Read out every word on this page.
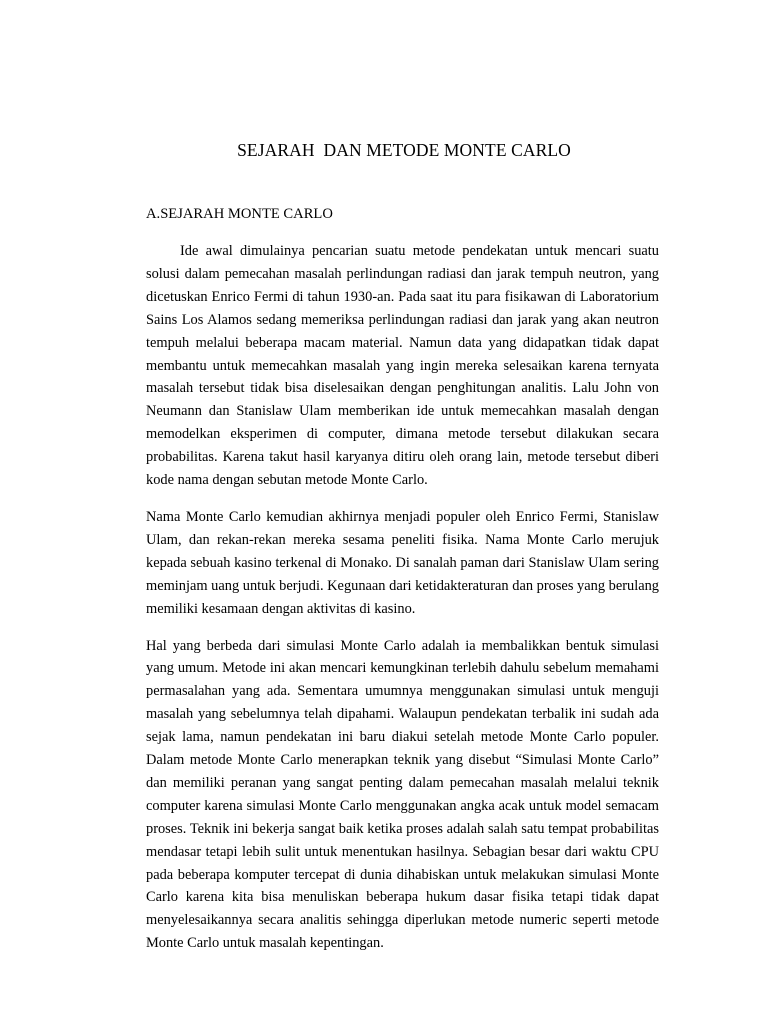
SEJARAH  DAN METODE MONTE CARLO
A.SEJARAH MONTE CARLO

Ide awal dimulainya pencarian suatu metode pendekatan untuk mencari suatu solusi dalam pemecahan masalah perlindungan radiasi dan jarak tempuh neutron, yang dicetuskan Enrico Fermi di tahun 1930-an. Pada saat itu para fisikawan di Laboratorium Sains Los Alamos sedang memeriksa perlindungan radiasi dan jarak yang akan neutron tempuh melalui beberapa macam material. Namun data yang didapatkan tidak dapat membantu untuk memecahkan masalah yang ingin mereka selesaikan karena ternyata masalah tersebut tidak bisa diselesaikan dengan penghitungan analitis. Lalu John von Neumann dan Stanislaw Ulam memberikan ide untuk memecahkan masalah dengan memodelkan eksperimen di computer, dimana metode tersebut dilakukan secara probabilitas. Karena takut hasil karyanya ditiru oleh orang lain, metode tersebut diberi kode nama dengan sebutan metode Monte Carlo.

Nama Monte Carlo kemudian akhirnya menjadi populer oleh Enrico Fermi, Stanislaw Ulam, dan rekan-rekan mereka sesama peneliti fisika. Nama Monte Carlo merujuk kepada sebuah kasino terkenal di Monako. Di sanalah paman dari Stanislaw Ulam sering meminjam uang untuk berjudi. Kegunaan dari ketidakteraturan dan proses yang berulang memiliki kesamaan dengan aktivitas di kasino.

Hal yang berbeda dari simulasi Monte Carlo adalah ia membalikkan bentuk simulasi yang umum. Metode ini akan mencari kemungkinan terlebih dahulu sebelum memahami permasalahan yang ada. Sementara umumnya menggunakan simulasi untuk menguji masalah yang sebelumnya telah dipahami. Walaupun pendekatan terbalik ini sudah ada sejak lama, namun pendekatan ini baru diakui setelah metode Monte Carlo populer. Dalam metode Monte Carlo menerapkan teknik yang disebut “Simulasi Monte Carlo” dan memiliki peranan yang sangat penting dalam pemecahan masalah melalui teknik computer karena simulasi Monte Carlo menggunakan angka acak untuk model semacam proses. Teknik ini bekerja sangat baik ketika proses adalah salah satu tempat probabilitas mendasar tetapi lebih sulit untuk menentukan hasilnya. Sebagian besar dari waktu CPU pada beberapa komputer tercepat di dunia dihabiskan untuk melakukan simulasi Monte Carlo karena kita bisa menuliskan beberapa hukum dasar fisika tetapi tidak dapat menyelesaikannya secara analitis sehingga diperlukan metode numeric seperti metode Monte Carlo untuk masalah kepentingan.
